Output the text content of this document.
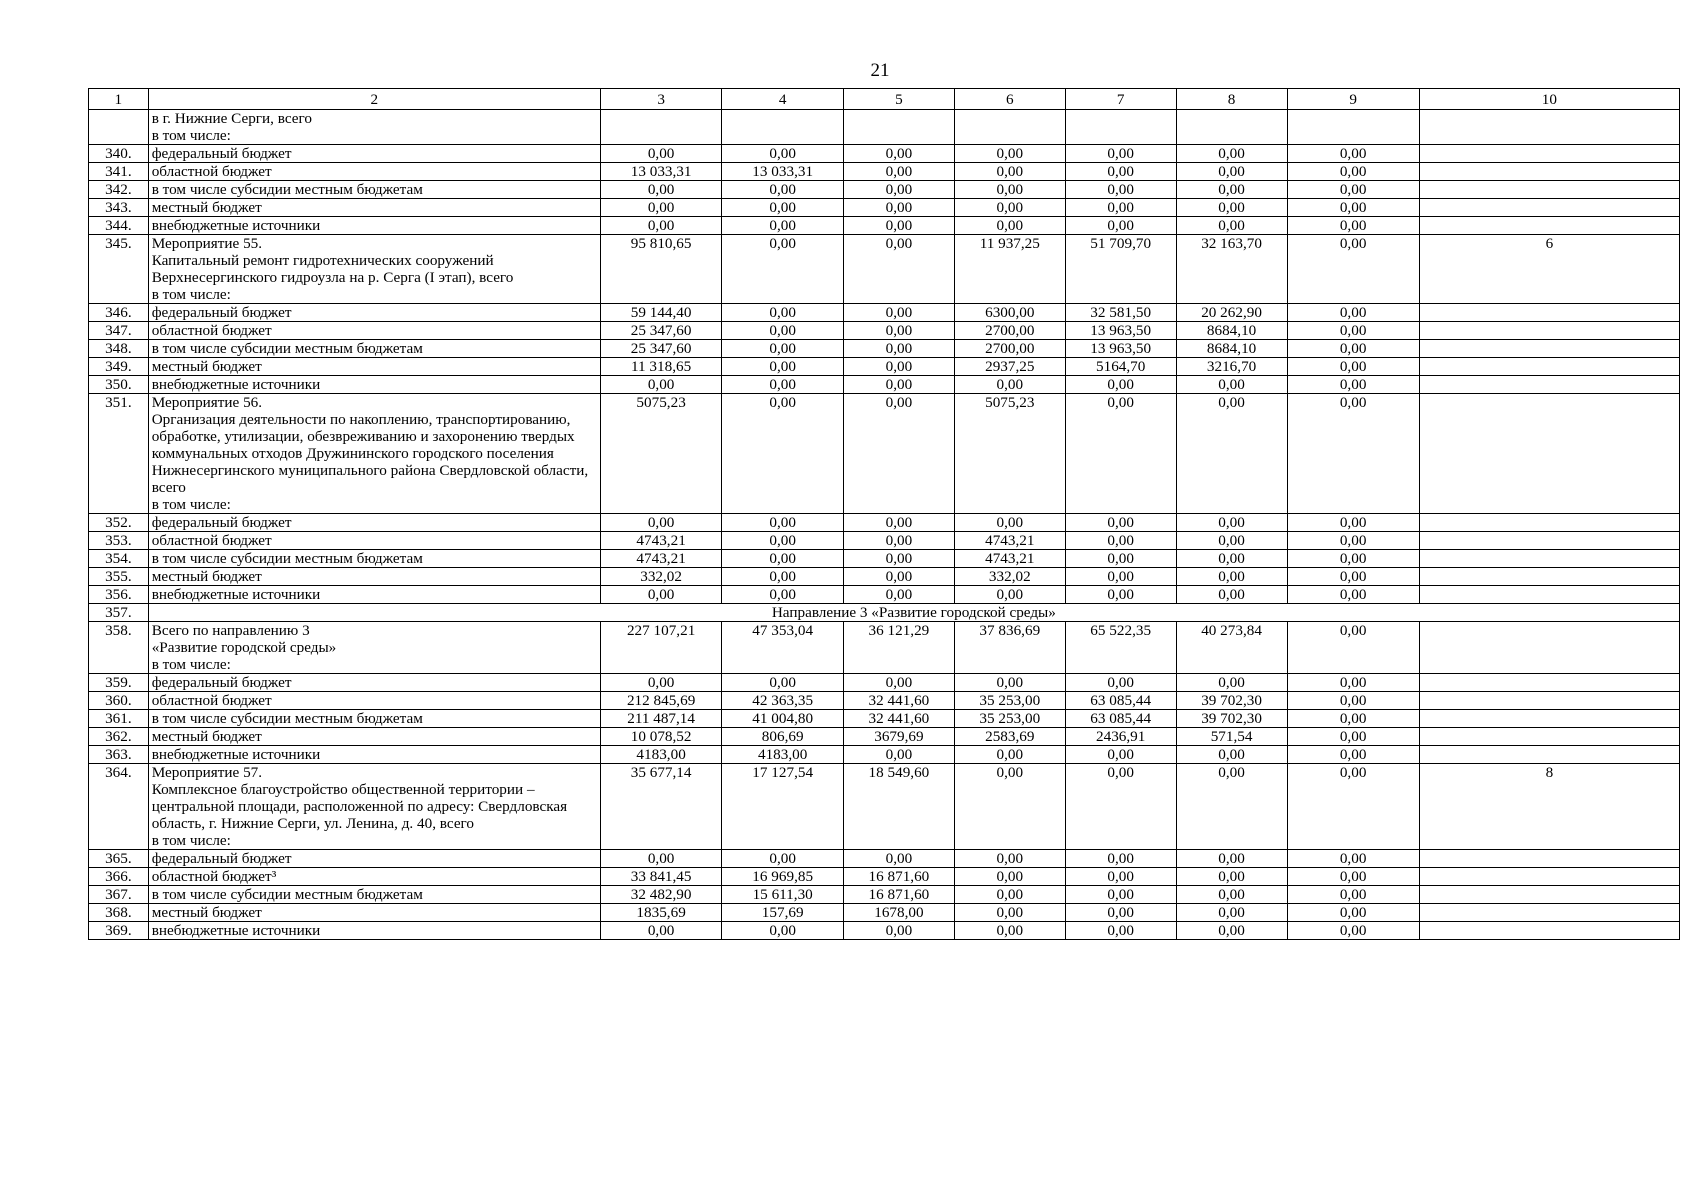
21
1	2	3	4	5	6	7	8	9	10
	в г. Нижние Серги, всего
в том числе:								
340.	федеральный бюджет	0,00	0,00	0,00	0,00	0,00	0,00	0,00	
341.	областной бюджет	13 033,31	13 033,31	0,00	0,00	0,00	0,00	0,00	
342.	в том числе субсидии местным бюджетам	0,00	0,00	0,00	0,00	0,00	0,00	0,00	
343.	местный бюджет	0,00	0,00	0,00	0,00	0,00	0,00	0,00	
344.	внебюджетные источники	0,00	0,00	0,00	0,00	0,00	0,00	0,00	
345.	Мероприятие 55.
Капитальный ремонт гидротехнических сооружений Верхнесергинского гидроузла на р. Серга (I этап), всего
в том числе:	95 810,65	0,00	0,00	11 937,25	51 709,70	32 163,70	0,00	6
346.	федеральный бюджет	59 144,40	0,00	0,00	6300,00	32 581,50	20 262,90	0,00	
347.	областной бюджет	25 347,60	0,00	0,00	2700,00	13 963,50	8684,10	0,00	
348.	в том числе субсидии местным бюджетам	25 347,60	0,00	0,00	2700,00	13 963,50	8684,10	0,00	
349.	местный бюджет	11 318,65	0,00	0,00	2937,25	5164,70	3216,70	0,00	
350.	внебюджетные источники	0,00	0,00	0,00	0,00	0,00	0,00	0,00	
351.	Мероприятие 56.
Организация деятельности по накоплению, транспортированию, обработке, утилизации, обезвреживанию и захоронению твердых коммунальных отходов Дружининского городского поселения Нижнесергинского муниципального района Свердловской области, всего
в том числе:	5075,23	0,00	0,00	5075,23	0,00	0,00	0,00	
352.	федеральный бюджет	0,00	0,00	0,00	0,00	0,00	0,00	0,00	
353.	областной бюджет	4743,21	0,00	0,00	4743,21	0,00	0,00	0,00	
354.	в том числе субсидии местным бюджетам	4743,21	0,00	0,00	4743,21	0,00	0,00	0,00	
355.	местный бюджет	332,02	0,00	0,00	332,02	0,00	0,00	0,00	
356.	внебюджетные источники	0,00	0,00	0,00	0,00	0,00	0,00	0,00	
357.	Направление 3 «Развитие городской среды»								
358.	Всего по направлению 3
«Развитие городской среды»
в том числе:	227 107,21	47 353,04	36 121,29	37 836,69	65 522,35	40 273,84	0,00	
359.	федеральный бюджет	0,00	0,00	0,00	0,00	0,00	0,00	0,00	
360.	областной бюджет	212 845,69	42 363,35	32 441,60	35 253,00	63 085,44	39 702,30	0,00	
361.	в том числе субсидии местным бюджетам	211 487,14	41 004,80	32 441,60	35 253,00	63 085,44	39 702,30	0,00	
362.	местный бюджет	10 078,52	806,69	3679,69	2583,69	2436,91	571,54	0,00	
363.	внебюджетные источники	4183,00	4183,00	0,00	0,00	0,00	0,00	0,00	
364.	Мероприятие 57.
Комплексное благоустройство общественной территории – центральной площади, расположенной по адресу: Свердловская область, г. Нижние Серги, ул. Ленина, д. 40, всего
в том числе:	35 677,14	17 127,54	18 549,60	0,00	0,00	0,00	0,00	8
365.	федеральный бюджет	0,00	0,00	0,00	0,00	0,00	0,00	0,00	
366.	областной бюджет³	33 841,45	16 969,85	16 871,60	0,00	0,00	0,00	0,00	
367.	в том числе субсидии местным бюджетам	32 482,90	15 611,30	16 871,60	0,00	0,00	0,00	0,00	
368.	местный бюджет	1835,69	157,69	1678,00	0,00	0,00	0,00	0,00	
369.	внебюджетные источники	0,00	0,00	0,00	0,00	0,00	0,00	0,00	
